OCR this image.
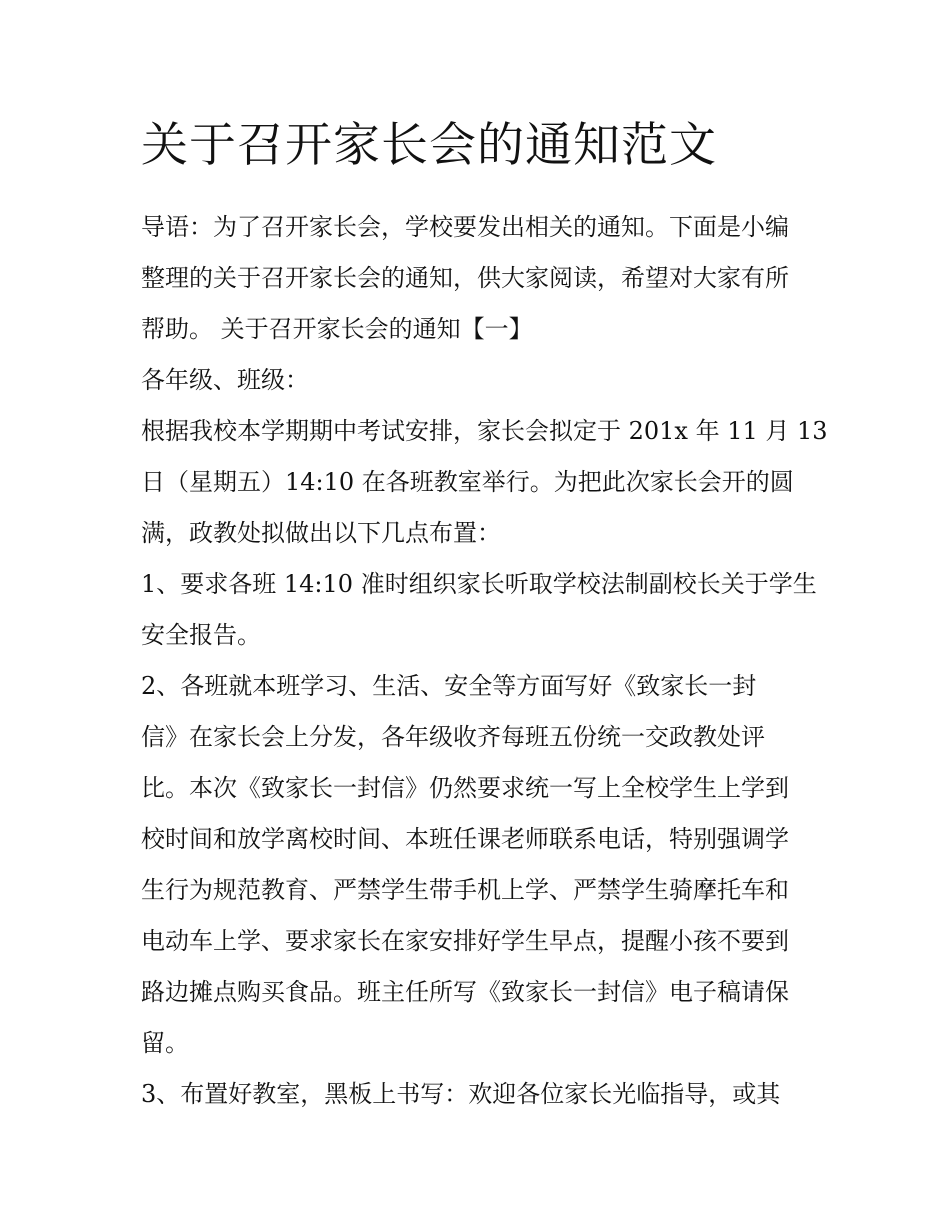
关于召开家长会的通知范文

导语：为了召开家长会，学校要发出相关的通知。下面是小编

整理的关于召开家长会的通知，供大家阅读，希望对大家有所

帮助。 关于召开家长会的通知【一】

各年级、班级：

根据我校本学期期中考试安排，家长会拟定于 201x 年 11 月 13

日（星期五）14:10 在各班教室举行。为把此次家长会开的圆

满，政教处拟做出以下几点布置：

1、要求各班 14:10 准时组织家长听取学校法制副校长关于学生

安全报告。

2、各班就本班学习、生活、安全等方面写好《致家长一封

信》在家长会上分发，各年级收齐每班五份统一交政教处评

比。本次《致家长一封信》仍然要求统一写上全校学生上学到

校时间和放学离校时间、本班任课老师联系电话，特别强调学

生行为规范教育、严禁学生带手机上学、严禁学生骑摩托车和

电动车上学、要求家长在家安排好学生早点，提醒小孩不要到

路边摊点购买食品。班主任所写《致家长一封信》电子稿请保

留。

3、布置好教室，黑板上书写：欢迎各位家长光临指导，或其
